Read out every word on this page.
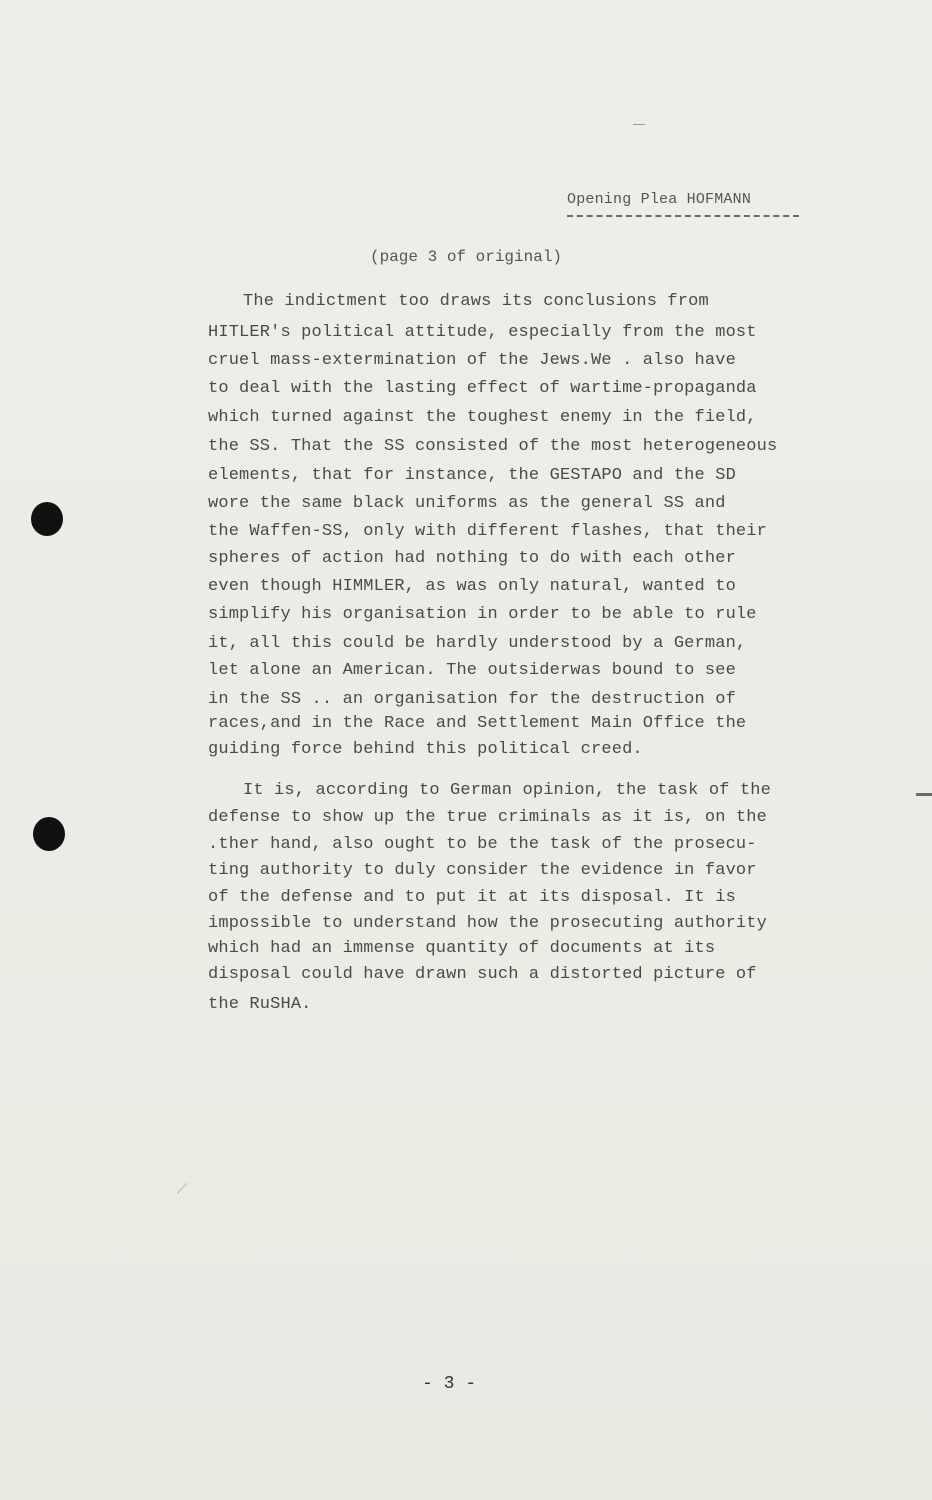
Opening Plea HOFMANN
(page 3 of original)
The indictment too draws its conclusions from
HITLER's political attitude, especially from the most
cruel mass-extermination of the Jews.We . also have
to deal with the lasting effect of wartime-propaganda
which turned against the toughest enemy in the field,
the SS. That the SS consisted of the most heterogeneous
elements, that for instance, the GESTAPO and the SD
wore the same black uniforms as the general SS and
the Waffen-SS, only with different flashes, that their
spheres of action had nothing to do with each other
even though HIMMLER, as was only natural, wanted to
simplify his organisation in order to be able to rule
it, all this could be hardly understood by a German,
let alone an American. The outsiderwas bound to see
in the SS .. an organisation for the destruction of
races,and in the Race and Settlement Main Office the
guiding force behind this political creed.
It is, according to German opinion, the task of the
defense to show up the true criminals as it is, on the
.ther hand, also ought to be the task of the prosecu-
ting authority to duly consider the evidence in favor
of the defense and to put it at its disposal. It is
impossible to understand how the prosecuting authority
which had an immense quantity of documents at its
disposal could have drawn such a distorted picture of
the RuSHA.
- 3 -
